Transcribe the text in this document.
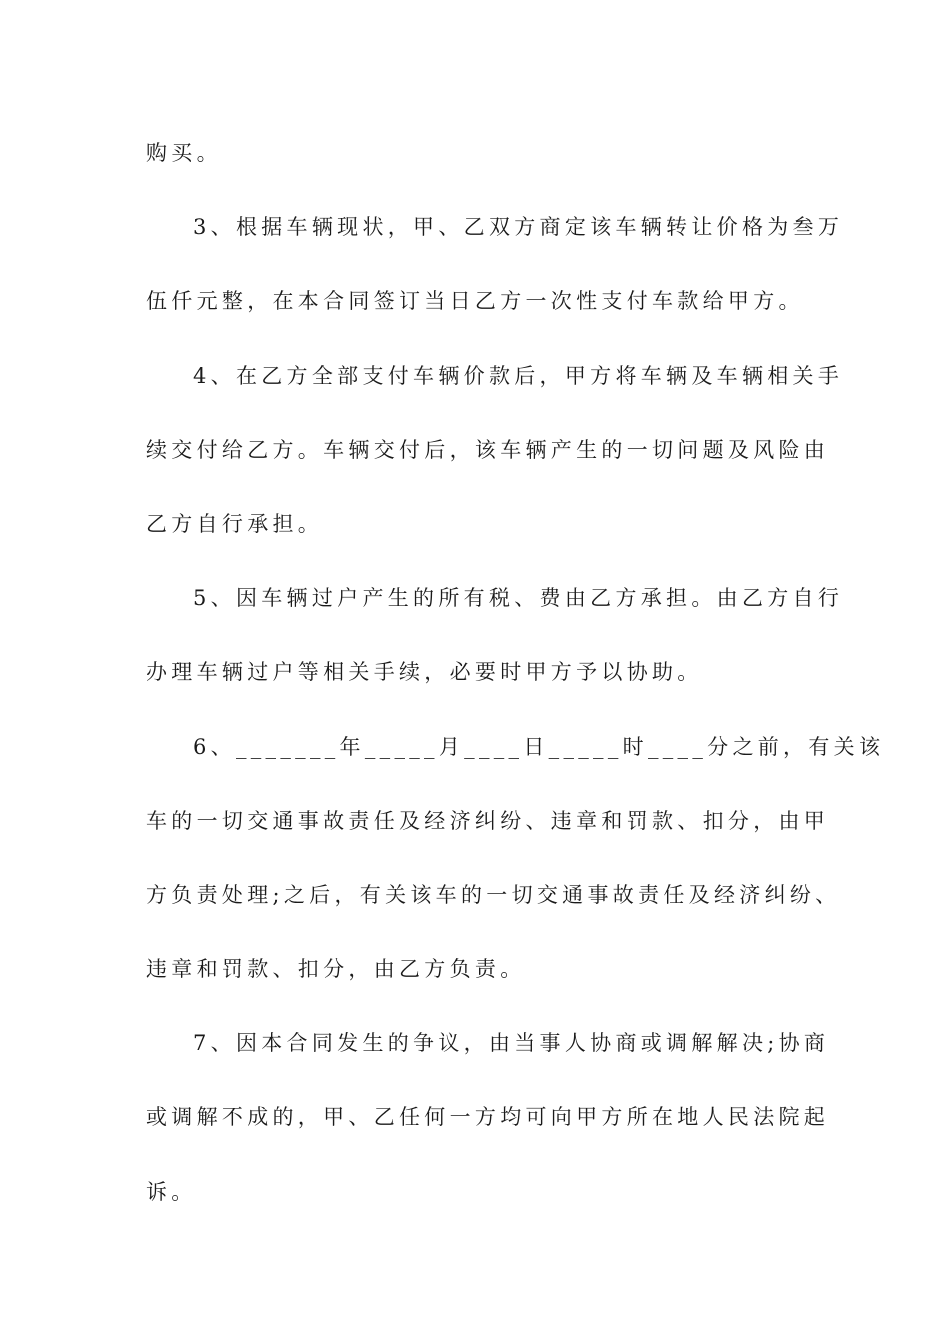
购买。
3、根据车辆现状，甲、乙双方商定该车辆转让价格为叁万
伍仟元整，在本合同签订当日乙方一次性支付车款给甲方。
4、在乙方全部支付车辆价款后，甲方将车辆及车辆相关手
续交付给乙方。车辆交付后，该车辆产生的一切问题及风险由
乙方自行承担。
5、因车辆过户产生的所有税、费由乙方承担。由乙方自行
办理车辆过户等相关手续，必要时甲方予以协助。
6、_______年_____月____日_____时____分之前，有关该
车的一切交通事故责任及经济纠纷、违章和罚款、扣分，由甲
方负责处理;之后，有关该车的一切交通事故责任及经济纠纷、
违章和罚款、扣分，由乙方负责。
7、因本合同发生的争议，由当事人协商或调解解决;协商
或调解不成的，甲、乙任何一方均可向甲方所在地人民法院起
诉。
